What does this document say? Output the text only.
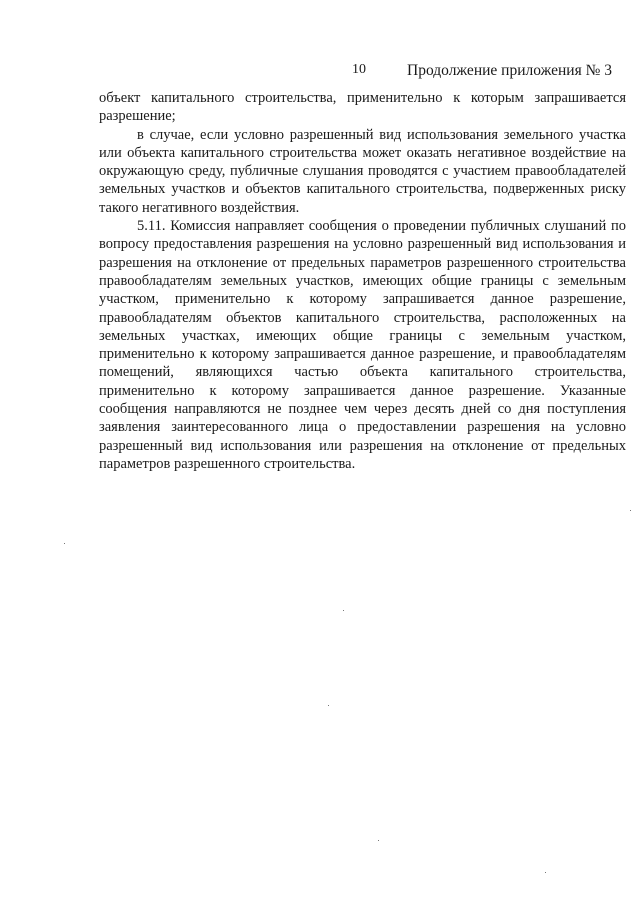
10	Продолжение приложения № 3

объект капитального строительства, применительно к которым запрашивается разрешение;

в случае, если условно разрешенный вид использования земельного участка или объекта капитального строительства может оказать негативное воздействие на окружающую среду, публичные слушания проводятся с участием правообладателей земельных участков и объектов капитального строительства, подверженных риску такого негативного воздействия.

5.11. Комиссия направляет сообщения о проведении публичных слушаний по вопросу предоставления разрешения на условно разрешенный вид использования и разрешения на отклонение от предельных параметров разрешенного строительства правообладателям земельных участков, имеющих общие границы с земельным участком, применительно к которому запрашивается данное разрешение, правообладателям объектов капитального строительства, расположенных на земельных участках, имеющих общие границы с земельным участком, применительно к которому запрашивается данное разрешение, и правообладателям помещений, являющихся частью объекта капитального строительства, применительно к которому запрашивается данное разрешение. Указанные сообщения направляются не позднее чем через десять дней со дня поступления заявления заинтересованного лица о предоставлении разрешения на условно разрешенный вид использования или разрешения на отклонение от предельных параметров разрешенного строительства.
